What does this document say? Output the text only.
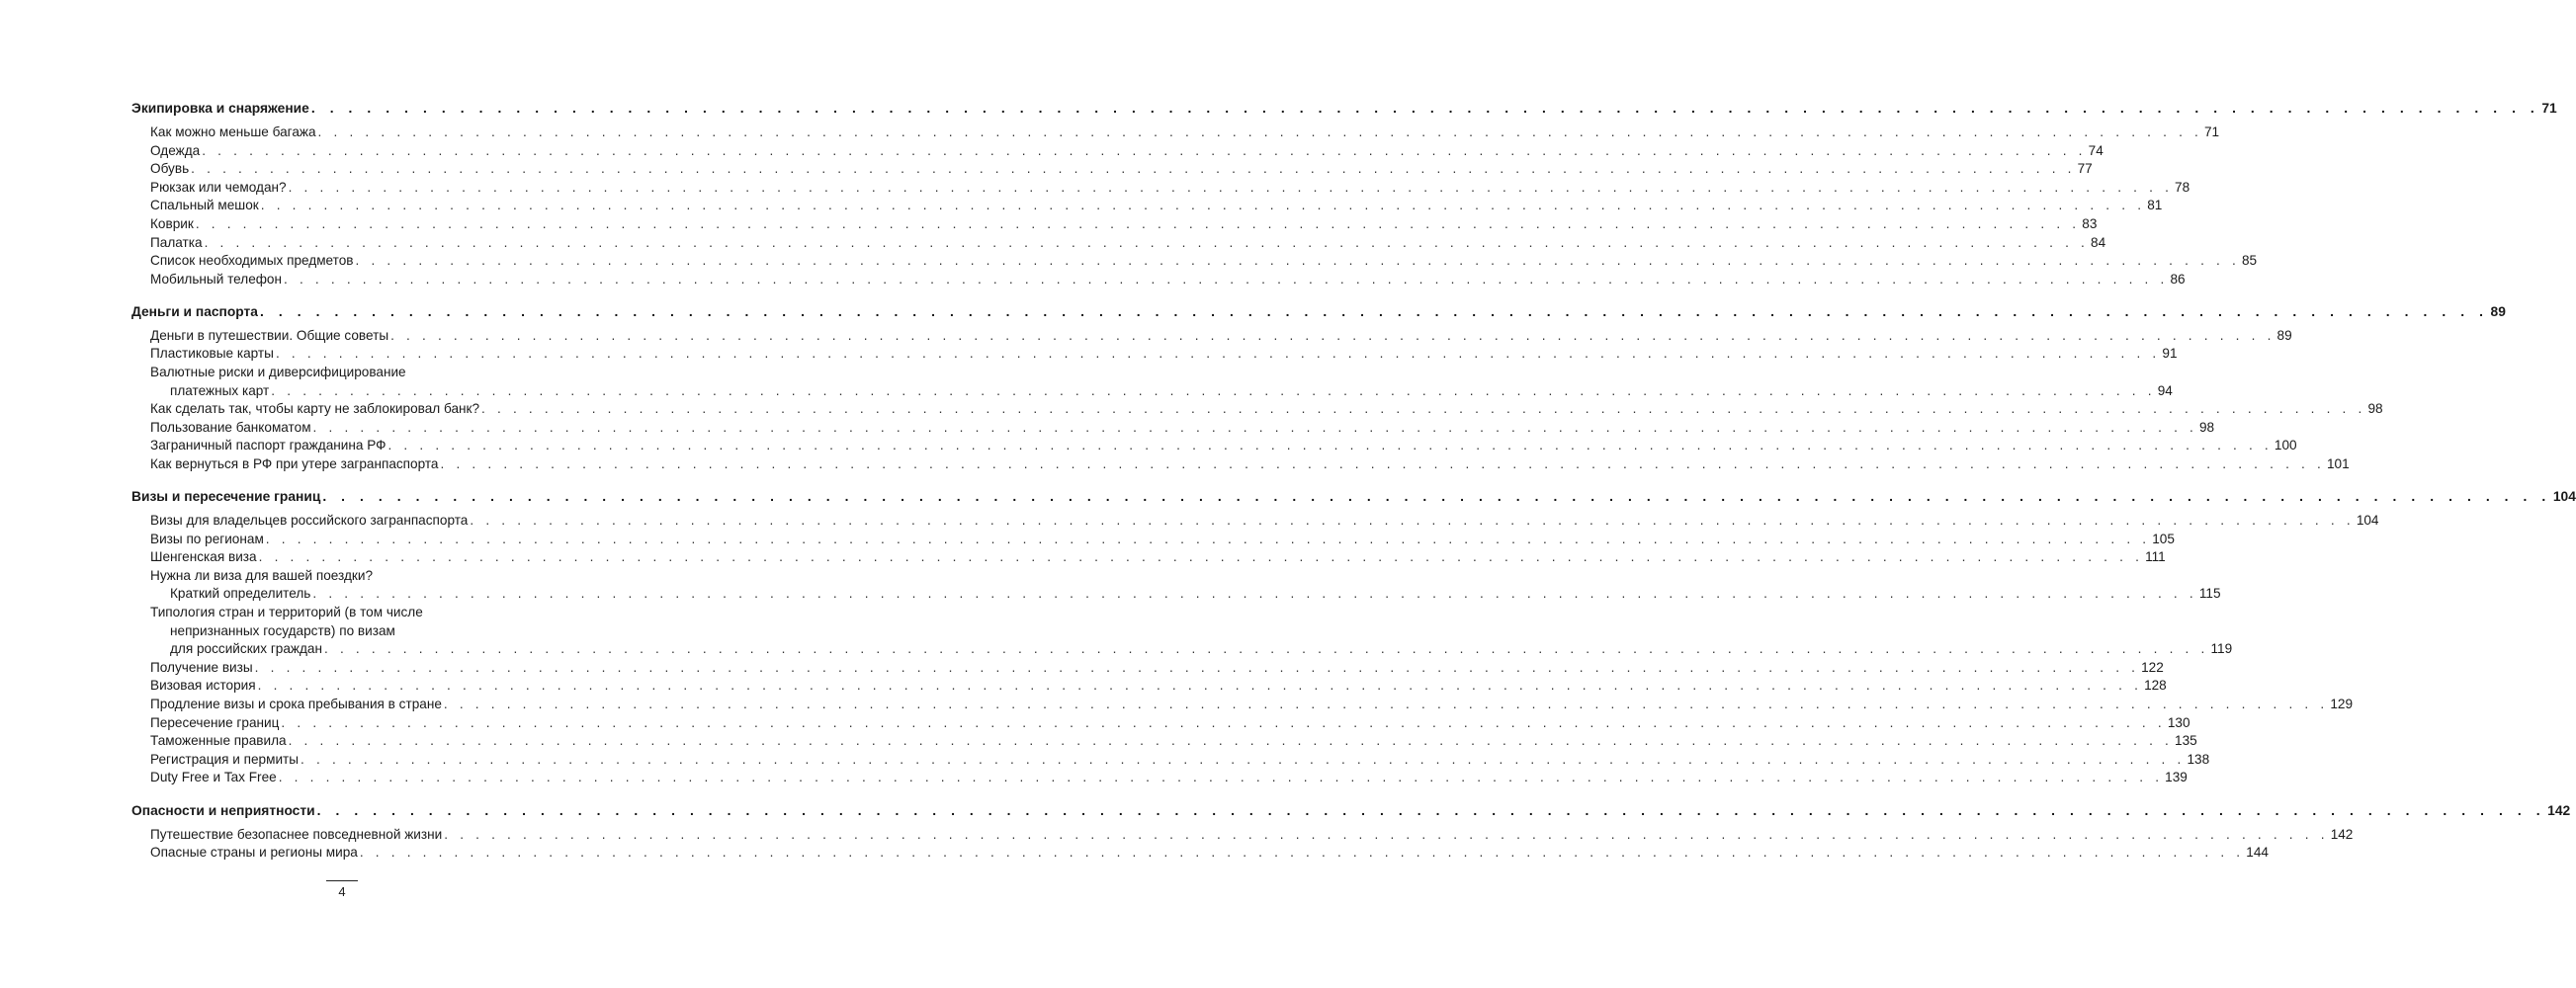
Экипировка и снаряжение . . . . . . . . . . . . . . . . . . . . . . . . . . . . . . . . . . . . . . . . . . . . . . . . . . . . . . . . . . . . . . . . . . . . . . . . . . . . . . . . . . . . . . . . . . . . . . . . . . . . . . . . . . . . . . . . . . . . . . . . 71
Как можно меньше багажа . . . . . . . . . . . . . . . . . . . . . . . . . . . . . . . . . . . . . . . . . . . . . . . . . . . . . . . . . . . . . . . . . . . . . . . . . . . . . . . . . . . . . . . . . . . . . . . . . . . . . . . . . . . . . . . . . . . . . . . . 71
Одежда . . . . . . . . . . . . . . . . . . . . . . . . . . . . . . . . . . . . . . . . . . . . . . . . . . . . . . . . . . . . . . . . . . . . . . . . . . . . . . . . . . . . . . . . . . . . . . . . . . . . . . . . . . . . . . . . . . . . . . . . 74
Обувь . . . . . . . . . . . . . . . . . . . . . . . . . . . . . . . . . . . . . . . . . . . . . . . . . . . . . . . . . . . . . . . . . . . . . . . . . . . . . . . . . . . . . . . . . . . . . . . . . . . . . . . . . . . . . . . . . . . . . . . . 77
Рюкзак или чемодан? . . . . . . . . . . . . . . . . . . . . . . . . . . . . . . . . . . . . . . . . . . . . . . . . . . . . . . . . . . . . . . . . . . . . . . . . . . . . . . . . . . . . . . . . . . . . . . . . . . . . . . . . . . . . . . . . . . . . . . . . 78
Спальный мешок . . . . . . . . . . . . . . . . . . . . . . . . . . . . . . . . . . . . . . . . . . . . . . . . . . . . . . . . . . . . . . . . . . . . . . . . . . . . . . . . . . . . . . . . . . . . . . . . . . . . . . . . . . . . . . . . . . . . . . . . 81
Коврик . . . . . . . . . . . . . . . . . . . . . . . . . . . . . . . . . . . . . . . . . . . . . . . . . . . . . . . . . . . . . . . . . . . . . . . . . . . . . . . . . . . . . . . . . . . . . . . . . . . . . . . . . . . . . . . . . . . . . . . . 83
Палатка . . . . . . . . . . . . . . . . . . . . . . . . . . . . . . . . . . . . . . . . . . . . . . . . . . . . . . . . . . . . . . . . . . . . . . . . . . . . . . . . . . . . . . . . . . . . . . . . . . . . . . . . . . . . . . . . . . . . . . . . 84
Список необходимых предметов . . . . . . . . . . . . . . . . . . . . . . . . . . . . . . . . . . . . . . . . . . . . . . . . . . . . . . . . . . . . . . . . . . . . . . . . . . . . . . . . . . . . . . . . . . . . . . . . . . . . . . . . . . . . . . . . . . . . . . . . 85
Мобильный телефон . . . . . . . . . . . . . . . . . . . . . . . . . . . . . . . . . . . . . . . . . . . . . . . . . . . . . . . . . . . . . . . . . . . . . . . . . . . . . . . . . . . . . . . . . . . . . . . . . . . . . . . . . . . . . . . . . . . . . . . . 86
Деньги и паспорта . . . . . . . . . . . . . . . . . . . . . . . . . . . . . . . . . . . . . . . . . . . . . . . . . . . . . . . . . . . . . . . . . . . . . . . . . . . . . . . . . . . . . . . . . . . . . . . . . . . . . . . . . . . . . . . . . . . . . . . . 89
Деньги в путешествии. Общие советы . . . . . . . . . . . . . . . . . . . . . . . . . . . . . . . . . . . . . . . . . . . . . . . . . . . . . . . . . . . . . . . . . . . . . . . . . . . . . . . . . . . . . . . . . . . . . . . . . . . . . . . . . . . . . . . . . . . . . . . . 89
Пластиковые карты . . . . . . . . . . . . . . . . . . . . . . . . . . . . . . . . . . . . . . . . . . . . . . . . . . . . . . . . . . . . . . . . . . . . . . . . . . . . . . . . . . . . . . . . . . . . . . . . . . . . . . . . . . . . . . . . . . . . . . . . 91
Валютные риски и диверсифицирование
платежных карт . . . . . . . . . . . . . . . . . . . . . . . . . . . . . . . . . . . . . . . . . . . . . . . . . . . . . . . . . . . . . . . . . . . . . . . . . . . . . . . . . . . . . . . . . . . . . . . . . . . . . . . . . . . . . . . . . . . . . . . . 94
Как сделать так, чтобы карту не заблокировал банк? . . . . . . . . . . . . . . . . . . . . . . . . . . . . . . . . . . . . . . . . . . . . . . . . . . . . . . . . . . . . . . . . . . . . . . . . . . . . . . . . . . . . . . . . . . . . . . . . . . . . . . . . . . . . . . . . . . . . . . . . 98
Пользование банкоматом . . . . . . . . . . . . . . . . . . . . . . . . . . . . . . . . . . . . . . . . . . . . . . . . . . . . . . . . . . . . . . . . . . . . . . . . . . . . . . . . . . . . . . . . . . . . . . . . . . . . . . . . . . . . . . . . . . . . . . . . 98
Заграничный паспорт гражданина РФ . . . . . . . . . . . . . . . . . . . . . . . . . . . . . . . . . . . . . . . . . . . . . . . . . . . . . . . . . . . . . . . . . . . . . . . . . . . . . . . . . . . . . . . . . . . . . . . . . . . . . . . . . . . . . . . . . . . . . . . . 100
Как вернуться в РФ при утере загранпаспорта . . . . . . . . . . . . . . . . . . . . . . . . . . . . . . . . . . . . . . . . . . . . . . . . . . . . . . . . . . . . . . . . . . . . . . . . . . . . . . . . . . . . . . . . . . . . . . . . . . . . . . . . . . . . . . . . . . . . . . . . 101
Визы и пересечение границ . . . . . . . . . . . . . . . . . . . . . . . . . . . . . . . . . . . . . . . . . . . . . . . . . . . . . . . . . . . . . . . . . . . . . . . . . . . . . . . . . . . . . . . . . . . . . . . . . . . . . . . . . . . . . . . . . . . . . . . . 104
Визы для владельцев российского загранпаспорта . . . . . . . . . . . . . . . . . . . . . . . . . . . . . . . . . . . . . . . . . . . . . . . . . . . . . . . . . . . . . . . . . . . . . . . . . . . . . . . . . . . . . . . . . . . . . . . . . . . . . . . . . . . . . . . . . . . . . . . . 104
Визы по регионам . . . . . . . . . . . . . . . . . . . . . . . . . . . . . . . . . . . . . . . . . . . . . . . . . . . . . . . . . . . . . . . . . . . . . . . . . . . . . . . . . . . . . . . . . . . . . . . . . . . . . . . . . . . . . . . . . . . . . . . . 105
Шенгенская виза . . . . . . . . . . . . . . . . . . . . . . . . . . . . . . . . . . . . . . . . . . . . . . . . . . . . . . . . . . . . . . . . . . . . . . . . . . . . . . . . . . . . . . . . . . . . . . . . . . . . . . . . . . . . . . . . . . . . . . . . 111
Нужна ли виза для вашей поездки?
Краткий определитель . . . . . . . . . . . . . . . . . . . . . . . . . . . . . . . . . . . . . . . . . . . . . . . . . . . . . . . . . . . . . . . . . . . . . . . . . . . . . . . . . . . . . . . . . . . . . . . . . . . . . . . . . . . . . . . . . . . . . . . . 115
Типология стран и территорий (в том числе
непризнанных государств) по визам
для российских граждан . . . . . . . . . . . . . . . . . . . . . . . . . . . . . . . . . . . . . . . . . . . . . . . . . . . . . . . . . . . . . . . . . . . . . . . . . . . . . . . . . . . . . . . . . . . . . . . . . . . . . . . . . . . . . . . . . . . . . . . . 119
Получение визы . . . . . . . . . . . . . . . . . . . . . . . . . . . . . . . . . . . . . . . . . . . . . . . . . . . . . . . . . . . . . . . . . . . . . . . . . . . . . . . . . . . . . . . . . . . . . . . . . . . . . . . . . . . . . . . . . . . . . . . . 122
Визовая история . . . . . . . . . . . . . . . . . . . . . . . . . . . . . . . . . . . . . . . . . . . . . . . . . . . . . . . . . . . . . . . . . . . . . . . . . . . . . . . . . . . . . . . . . . . . . . . . . . . . . . . . . . . . . . . . . . . . . . . . 128
Продление визы и срока пребывания в стране . . . . . . . . . . . . . . . . . . . . . . . . . . . . . . . . . . . . . . . . . . . . . . . . . . . . . . . . . . . . . . . . . . . . . . . . . . . . . . . . . . . . . . . . . . . . . . . . . . . . . . . . . . . . . . . . . . . . . . . . 129
Пересечение границ . . . . . . . . . . . . . . . . . . . . . . . . . . . . . . . . . . . . . . . . . . . . . . . . . . . . . . . . . . . . . . . . . . . . . . . . . . . . . . . . . . . . . . . . . . . . . . . . . . . . . . . . . . . . . . . . . . . . . . . . 130
Таможенные правила . . . . . . . . . . . . . . . . . . . . . . . . . . . . . . . . . . . . . . . . . . . . . . . . . . . . . . . . . . . . . . . . . . . . . . . . . . . . . . . . . . . . . . . . . . . . . . . . . . . . . . . . . . . . . . . . . . . . . . . . 135
Регистрация и пермиты . . . . . . . . . . . . . . . . . . . . . . . . . . . . . . . . . . . . . . . . . . . . . . . . . . . . . . . . . . . . . . . . . . . . . . . . . . . . . . . . . . . . . . . . . . . . . . . . . . . . . . . . . . . . . . . . . . . . . . . . 138
Duty Free и Tax Free . . . . . . . . . . . . . . . . . . . . . . . . . . . . . . . . . . . . . . . . . . . . . . . . . . . . . . . . . . . . . . . . . . . . . . . . . . . . . . . . . . . . . . . . . . . . . . . . . . . . . . . . . . . . . . . . . . . . . . . . 139
Опасности и неприятности . . . . . . . . . . . . . . . . . . . . . . . . . . . . . . . . . . . . . . . . . . . . . . . . . . . . . . . . . . . . . . . . . . . . . . . . . . . . . . . . . . . . . . . . . . . . . . . . . . . . . . . . . . . . . . . . . . . . . . . . 142
Путешествие безопаснее повседневной жизни . . . . . . . . . . . . . . . . . . . . . . . . . . . . . . . . . . . . . . . . . . . . . . . . . . . . . . . . . . . . . . . . . . . . . . . . . . . . . . . . . . . . . . . . . . . . . . . . . . . . . . . . . . . . . . . . . . . . . . . . 142
Опасные страны и регионы мира . . . . . . . . . . . . . . . . . . . . . . . . . . . . . . . . . . . . . . . . . . . . . . . . . . . . . . . . . . . . . . . . . . . . . . . . . . . . . . . . . . . . . . . . . . . . . . . . . . . . . . . . . . . . . . . . . . . . . . . . 144
4
